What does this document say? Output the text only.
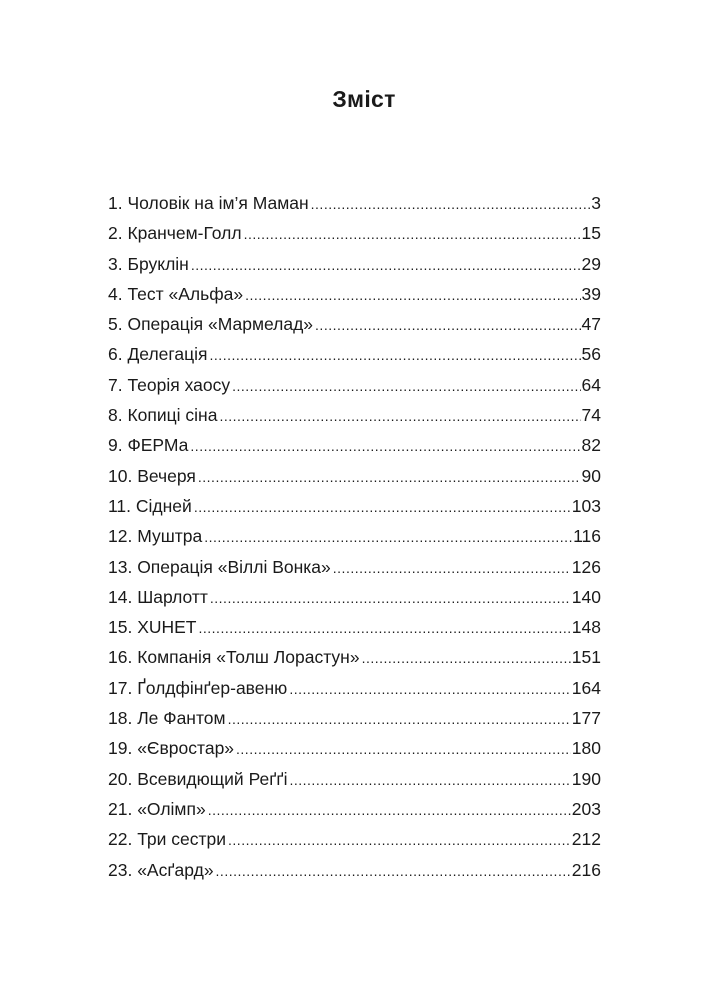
Зміст
1. Чоловік на ім’я Маман .....	3
2. Кранчем-Голл .....	15
3. Бруклін .....	29
4. Тест «Альфа» .....	39
5. Операція «Мармелад» .....	47
6. Делегація .....	56
7. Теорія хаосу .....	64
8. Копиці сіна .....	74
9. ФЕРМа .....	82
10. Вечеря .....	90
11. Сідней .....	103
12. Муштра .....	116
13. Операція «Віллі Вонка» .....	126
14. Шарлотт .....	140
15. XUHET .....	148
16. Компанія «Толш Лорастун» .....	151
17. Ґолдфінґер-авеню .....	164
18. Ле Фантом .....	177
19. «Євростар» .....	180
20. Всевидющий Реґґі .....	190
21. «Олімп» .....	203
22. Три сестри .....	212
23. «Асґард» .....	216
